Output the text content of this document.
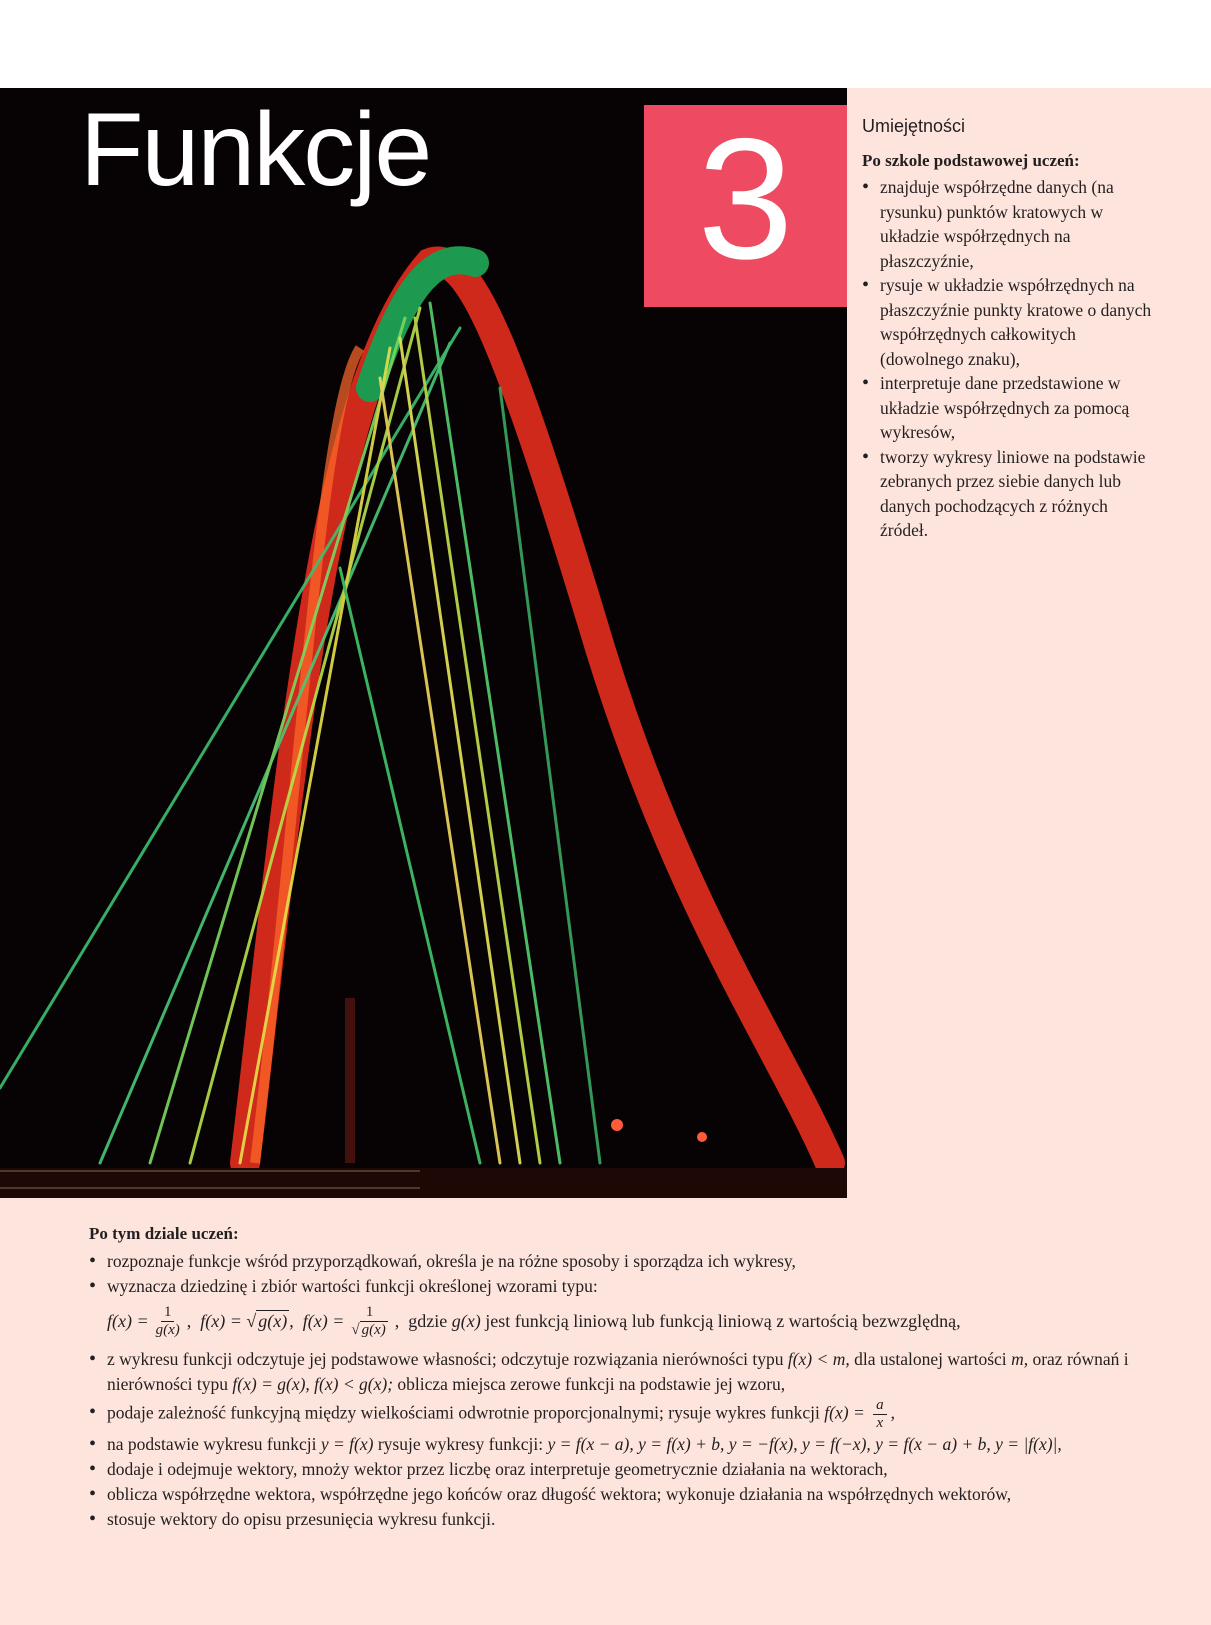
Funkcje	3	Umiejętności

Po szkole podstawowej uczeń:

• znajduje współrzędne danych (na rysunku) punktów kratowych w układzie współrzędnych na płaszczyźnie,
• rysuje w układzie współrzędnych na płaszczyźnie punkty kratowe o danych współrzędnych całkowitych (dowolnego znaku),
• interpretuje dane przedstawione w układzie współrzędnych za pomocą wykresów,
• tworzy wykresy liniowe na podstawie zebranych przez siebie danych lub danych pochodzących z różnych źródeł.

Po tym dziale uczeń:

• rozpoznaje funkcje wśród przyporządkowań, określa je na różne sposoby i sporządza ich wykresy,
• wyznacza dziedzinę i zbiór wartości funkcji określonej wzorami typu:
$f(x) = \frac{1}{g(x)}$ , f(x) = √ g(x) , $f(x) = \frac{1}{√ g(x)}$ , gdzie
g(x)
jest funkcją liniową lub funkcją liniową z wartością bezwzględną,
• z wykresu funkcji odczytuje jej podstawowe własności; odczytuje rozwiązania nierówności typu f(x) < m, dla ustalonej wartości m, oraz równań i nierówności typu f(x) = g(x), f(x) < g(x); oblicza miejsca zerowe funkcji na podstawie jej wzoru,
• podaje zależność funkcyjną między wielkościami odwrotnie proporcjonalnymi; rysuje wykres funkcji $f(x) = \frac{a}{x}$ ,
• na podstawie wykresu funkcji y = f(x) rysuje wykresy funkcji: y = f(x − a), y = f(x) + b, y = −f(x), y = f(−x), y = f(x − a) + b, y = |f(x)|,
• dodaje i odejmuje wektory, mnoży wektor przez liczbę oraz interpretuje geometrycznie działania na wektorach,
• oblicza współrzędne wektora, współrzędne jego końców oraz długość wektora; wykonuje działania na współrzędnych wektorów,
• stosuje wektory do opisu przesunięcia wykresu funkcji.
